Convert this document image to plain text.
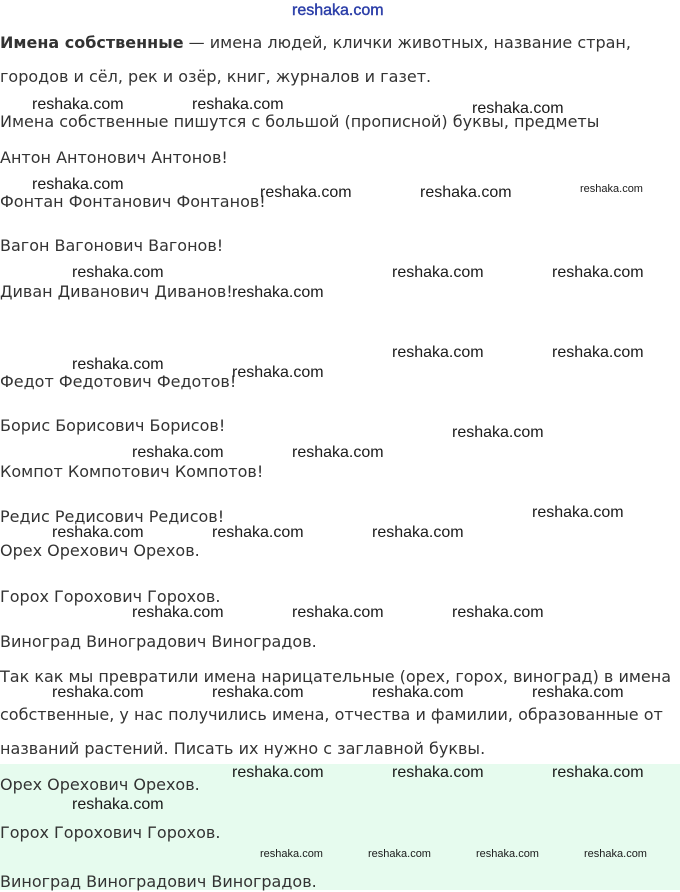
reshaka.com
Имена собственные — имена людей, клички животных, название стран,
городов и сёл, рек и озёр, книг, журналов и газет.
Имена собственные пишутся с большой (прописной) буквы, предметы
Антон Антонович Антонов!
Фонтан Фонтанович Фонтанов!
Вагон Вагонович Вагонов!
Диван Диванович Диванов!
Федот Федотович Федотов!
Борис Борисович Борисов!
Компот Компотович Компотов!
Редис Редисович Редисов!
Орех Орехович Орехов.
Горох Горохович Горохов.
Виноград Виноградович Виноградов.
Так как мы превратили имена нарицательные (орех, горох, виноград) в имена
собственные, у нас получились имена, отчества и фамилии, образованные от
названий растений. Писать их нужно с заглавной буквы.
Орех Орехович Орехов.
Горох Горохович Горохов.
Виноград Виноградович Виноградов.
reshaka.com	reshaka.com	reshaka.com
reshaka.com	reshaka.com	reshaka.com	reshaka.com
reshaka.com	reshaka.com	reshaka.com
reshaka.com
reshaka.com	reshaka.com
reshaka.com	reshaka.com
reshaka.com
reshaka.com	reshaka.com
reshaka.com
reshaka.com	reshaka.com	reshaka.com
reshaka.com	reshaka.com	reshaka.com
reshaka.com	reshaka.com	reshaka.com	reshaka.com
reshaka.com	reshaka.com	reshaka.com
reshaka.com
reshaka.com	reshaka.com	reshaka.com	reshaka.com
